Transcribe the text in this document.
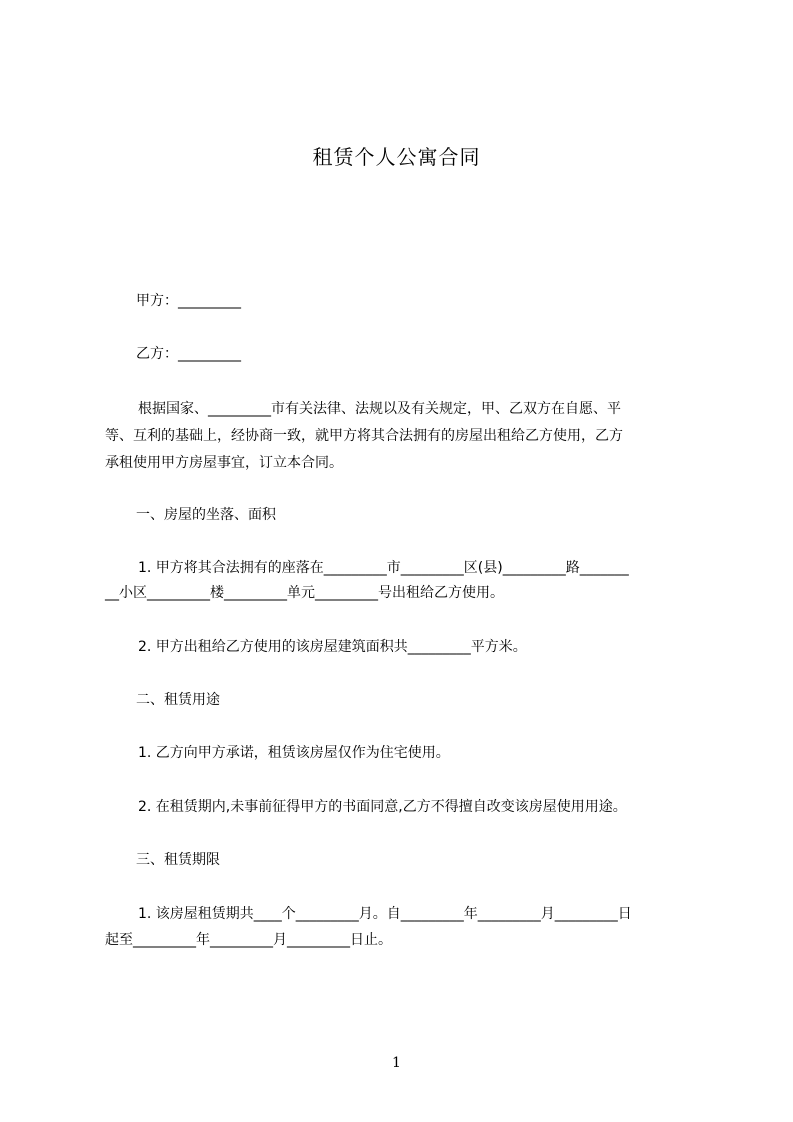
租赁个人公寓合同
甲方：_________
乙方：_________
根据国家、_________市有关法律、法规以及有关规定，甲、乙双方在自愿、平
等、互利的基础上，经协商一致，就甲方将其合法拥有的房屋出租给乙方使用，乙方
承租使用甲方房屋事宜，订立本合同。
一、房屋的坐落、面积
1. 甲方将其合法拥有的座落在_________市_________区(县)_________路_______
__小区_________楼_________单元_________号出租给乙方使用。
2. 甲方出租给乙方使用的该房屋建筑面积共_________平方米。
二、租赁用途
1. 乙方向甲方承诺，租赁该房屋仅作为住宅使用。
2. 在租赁期内,未事前征得甲方的书面同意,乙方不得擅自改变该房屋使用用途。
三、租赁期限
1. 该房屋租赁期共____个_________月。自_________年_________月_________日
起至_________年_________月_________日止。
1
